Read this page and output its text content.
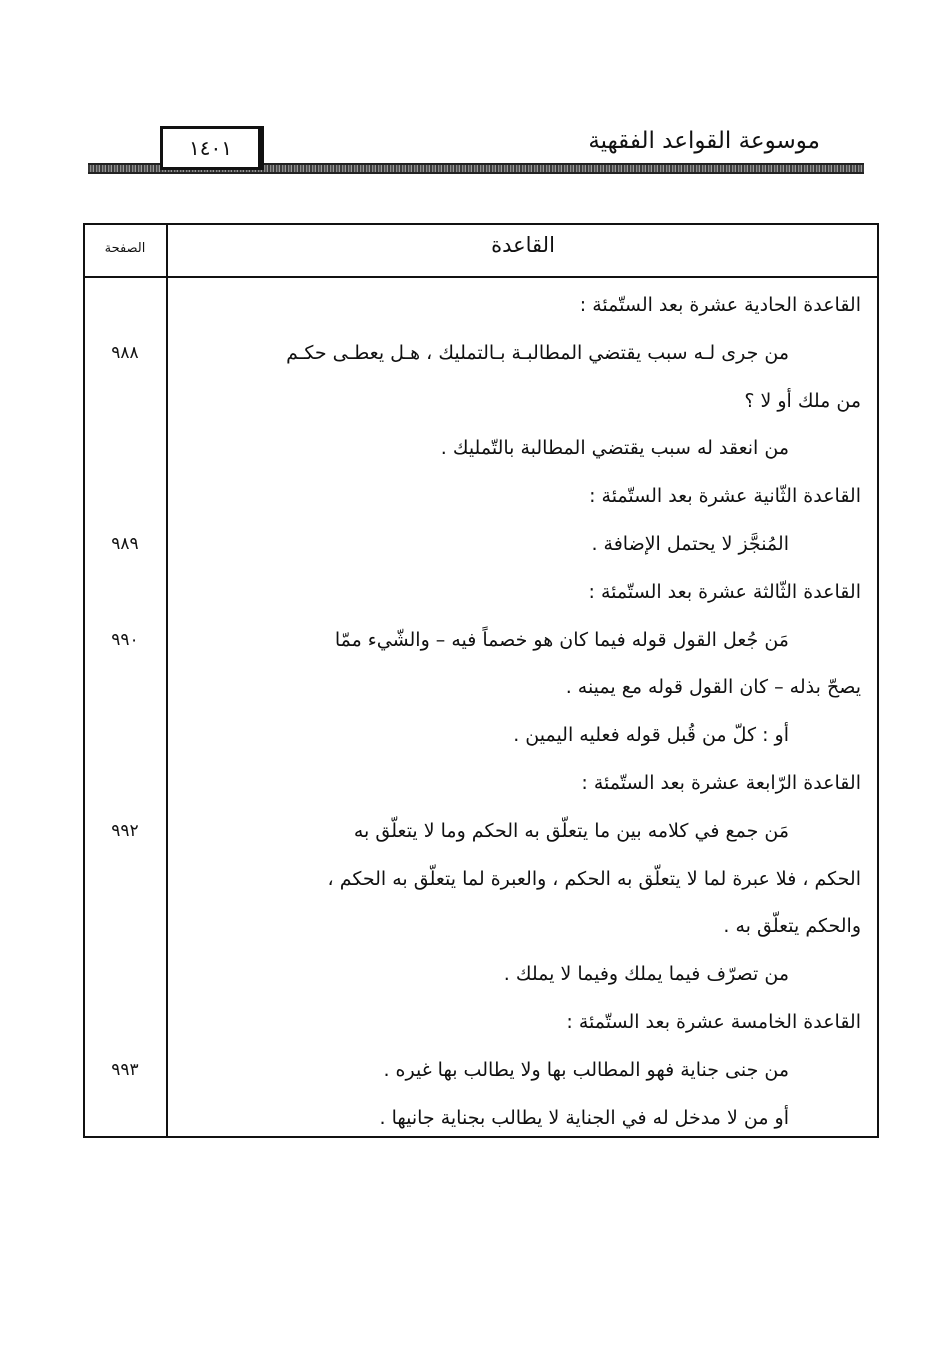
موسوعة القواعد الفقهية
١٤٠١
القاعدة
الصفحة
القاعدة الحادية عشرة بعد الستّمئة :
من جرى لـه سبب يقتضي المطالبـة بـالتمليك ، هـل يعطـى حكـم
٩٨٨
من ملك أو لا ؟
من انعقد له سبب يقتضي المطالبة بالتّمليك .
القاعدة الثّانية عشرة بعد الستّمئة :
المُنجَّز لا يحتمل الإضافة .
٩٨٩
القاعدة الثّالثة عشرة بعد الستّمئة :
مَن جُعل القول قوله فيما كان هو خصماً فيه – والشّيء ممّا
٩٩٠
يصحّ بذله – كان القول قوله مع يمينه .
أو : كلّ من قُبل قوله فعليه اليمين .
القاعدة الرّابعة عشرة بعد الستّمئة :
مَن جمع في كلامه بين ما يتعلّق به الحكم وما لا يتعلّق به
٩٩٢
الحكم ، فلا عبرة لما لا يتعلّق به الحكم ، والعبرة لما يتعلّق به الحكم ،
والحكم يتعلّق به .
من تصرّف فيما يملك وفيما لا يملك .
القاعدة الخامسة عشرة بعد الستّمئة :
من جنى جناية فهو المطالب بها ولا يطالب بها غيره .
٩٩٣
أو من لا مدخل له في الجناية لا يطالب بجناية جانيها .
